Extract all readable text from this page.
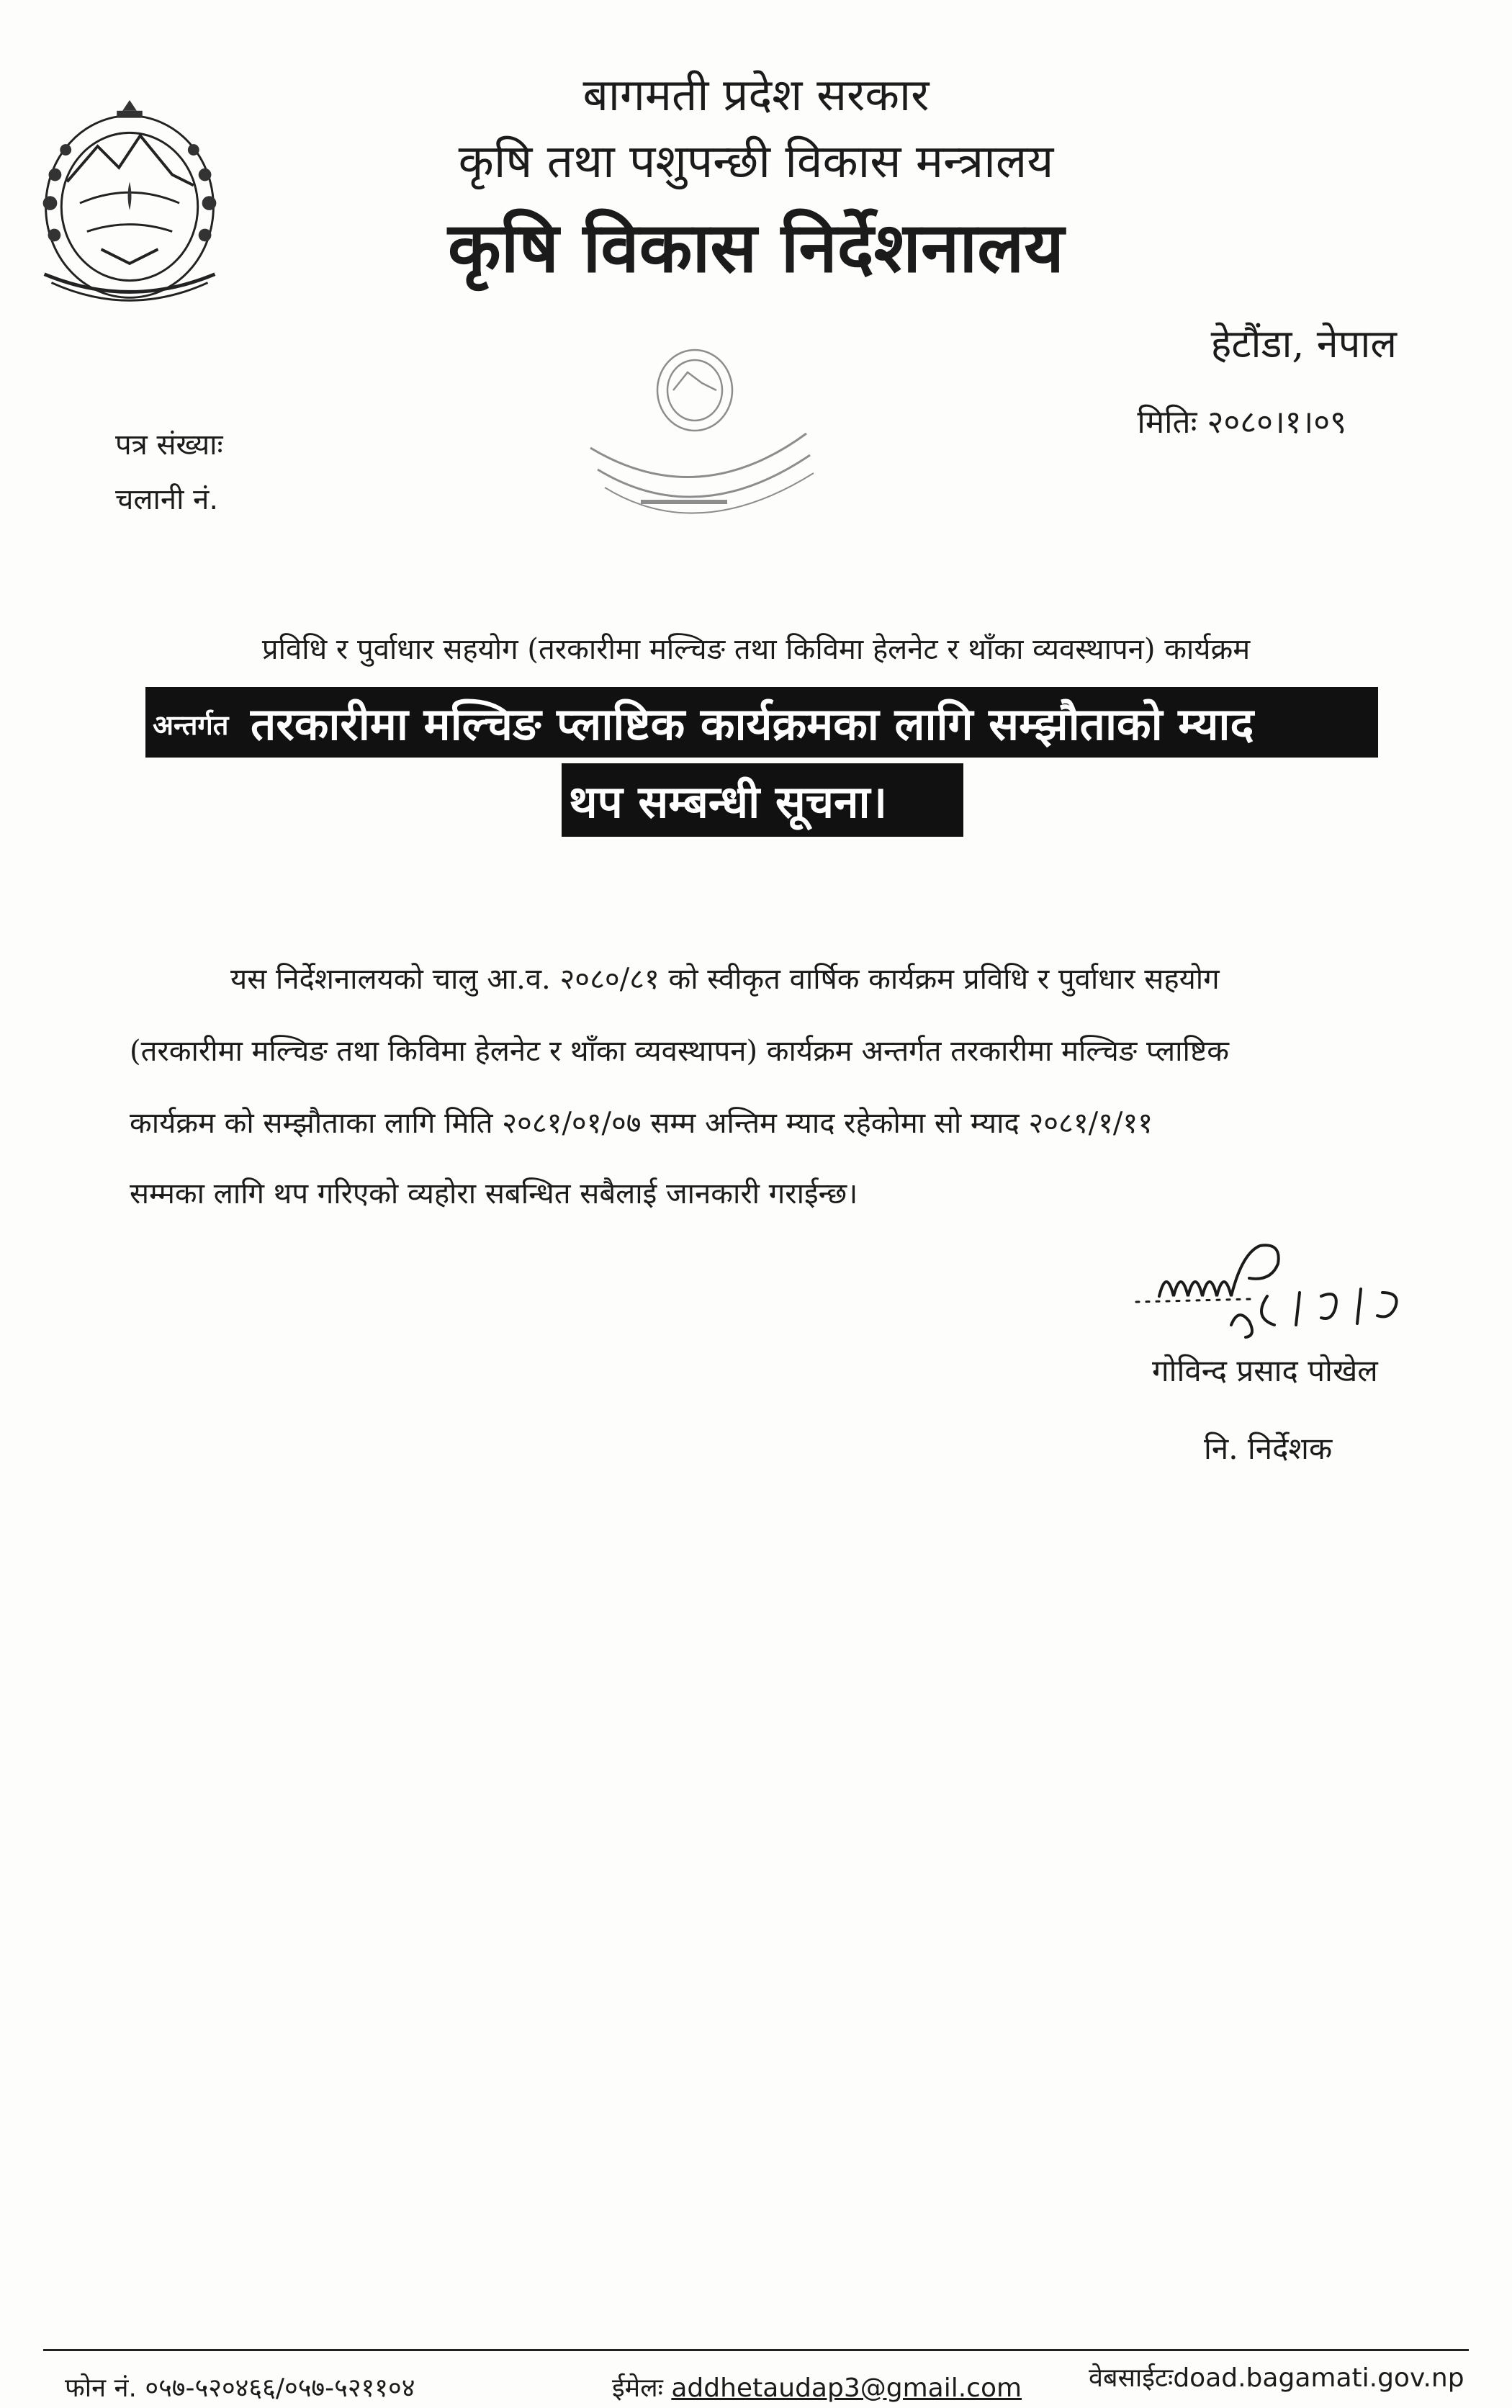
बागमती प्रदेश सरकार
कृषि तथा पशुपन्छी विकास मन्त्रालय
कृषि विकास निर्देशनालय
हेटौंडा, नेपाल
मितिः २०८०।१।०९
पत्र संख्याः
चलानी नं.
प्रविधि र पुर्वाधार सहयोग (तरकारीमा मल्चिङ तथा किविमा हेलनेट र थाँका व्यवस्थापन) कार्यक्रम
अन्तर्गत तरकारीमा मल्चिङ प्लाष्टिक कार्यक्रमका लागि सम्झौताको म्याद
थप सम्बन्धी सूचना।
यस निर्देशनालयको चालु आ.व. २०८०/८१ को स्वीकृत वार्षिक कार्यक्रम प्रविधि र पुर्वाधार सहयोग
(तरकारीमा मल्चिङ तथा किविमा हेलनेट र थाँका व्यवस्थापन) कार्यक्रम अन्तर्गत तरकारीमा मल्चिङ प्लाष्टिक
कार्यक्रम को सम्झौताका लागि मिति २०८१/०१/०७ सम्म अन्तिम म्याद रहेकोमा सो म्याद २०८१/१/११
सम्मका लागि थप गरिएको व्यहोरा सबन्धित सबैलाई जानकारी गराईन्छ।
गोविन्द प्रसाद पोखेल
नि. निर्देशक
फोन नं. ०५७-५२०४६६/०५७-५२११०४	ईमेलः addhetaudap3@gmail.com	वेबसाईटःdoad.bagamati.gov.np
